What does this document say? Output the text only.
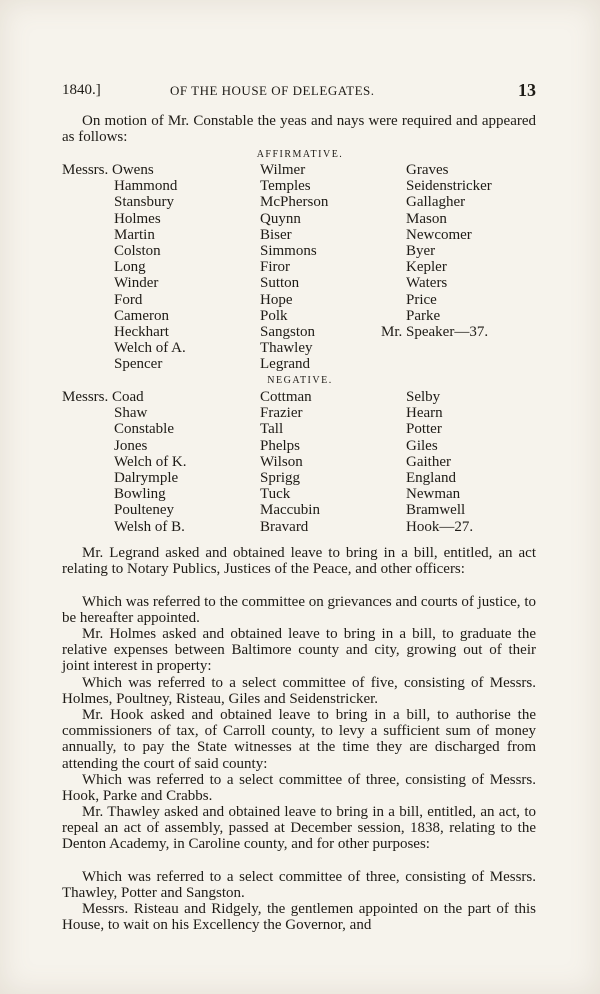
1840.]	OF THE HOUSE OF DELEGATES.	13

On motion of Mr. Constable the yeas and nays were required and appeared as follows:

AFFIRMATIVE.
Messrs. Owens
Hammond
Stansbury
Holmes
Martin
Colston
Long
Winder
Ford
Cameron
Heckhart
Welch of A.
Spencer
Wilmer
Temples
McPherson
Quynn
Biser
Simmons
Firor
Sutton
Hope
Polk
Sangston
Thawley
Legrand
Graves
Seidenstricker
Gallagher
Mason
Newcomer
Byer
Kepler
Waters
Price
Parke
Mr. Speaker—37.
NEGATIVE.
Messrs. Coad
Shaw
Constable
Jones
Welch of K.
Dalrymple
Bowling
Poulteney
Welsh of B.
Cottman
Frazier
Tall
Phelps
Wilson
Sprigg
Tuck
Maccubin
Bravard
Selby
Hearn
Potter
Giles
Gaither
England
Newman
Bramwell
Hook—27.

Mr. Legrand asked and obtained leave to bring in a bill, entitled, an act relating to Notary Publics, Justices of the Peace, and other officers:

Which was referred to the committee on grievances and courts of justice, to be hereafter appointed.

Mr. Holmes asked and obtained leave to bring in a bill, to graduate the relative expenses between Baltimore county and city, growing out of their joint interest in property:

Which was referred to a select committee of five, consisting of Messrs. Holmes, Poultney, Risteau, Giles and Seidenstricker.

Mr. Hook asked and obtained leave to bring in a bill, to authorise the commissioners of tax, of Carroll county, to levy a sufficient sum of money annually, to pay the State witnesses at the time they are discharged from attending the court of said county:

Which was referred to a select committee of three, consisting of Messrs. Hook, Parke and Crabbs.

Mr. Thawley asked and obtained leave to bring in a bill, entitled, an act, to repeal an act of assembly, passed at December session, 1838, relating to the Denton Academy, in Caroline county, and for other purposes:

Which was referred to a select committee of three, consisting of Messrs. Thawley, Potter and Sangston.

Messrs. Risteau and Ridgely, the gentlemen appointed on the part of this House, to wait on his Excellency the Governor, and
